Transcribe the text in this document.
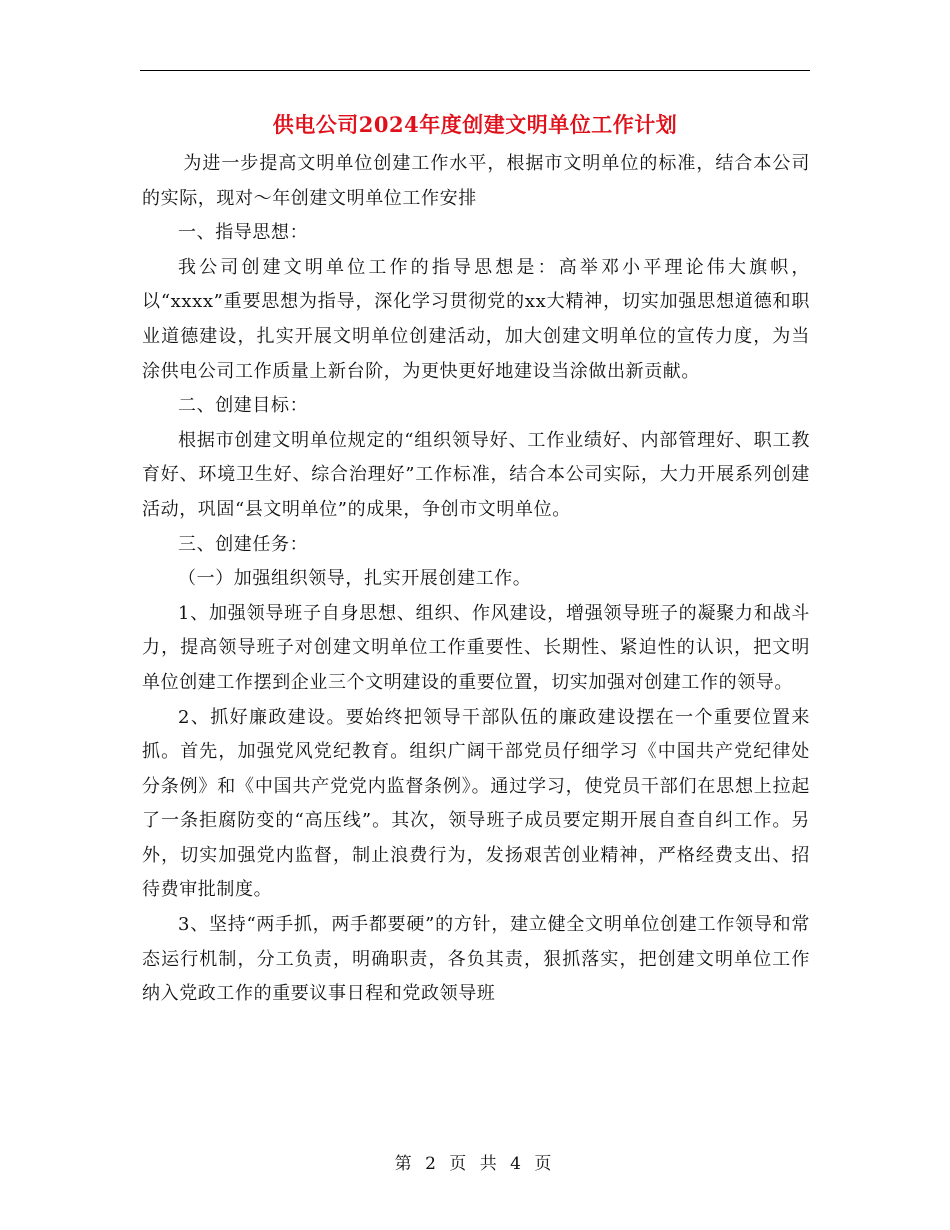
供电公司2024年度创建文明单位工作计划

为进一步提高文明单位创建工作水平，根据市文明单位的标准，结合本公司的实际，现对～年创建文明单位工作安排

一、指导思想：

我公司创建文明单位工作的指导思想是：高举邓小平理论伟大旗帜，以“xxxx”重要思想为指导，深化学习贯彻党的xx大精神，切实加强思想道德和职业道德建设，扎实开展文明单位创建活动，加大创建文明单位的宣传力度，为当涂供电公司工作质量上新台阶，为更快更好地建设当涂做出新贡献。

二、创建目标：

根据市创建文明单位规定的“组织领导好、工作业绩好、内部管理好、职工教育好、环境卫生好、综合治理好”工作标准，结合本公司实际，大力开展系列创建活动，巩固“县文明单位”的成果，争创市文明单位。

三、创建任务：

（一）加强组织领导，扎实开展创建工作。

1、加强领导班子自身思想、组织、作风建设，增强领导班子的凝聚力和战斗力，提高领导班子对创建文明单位工作重要性、长期性、紧迫性的认识，把文明单位创建工作摆到企业三个文明建设的重要位置，切实加强对创建工作的领导。

2、抓好廉政建设。要始终把领导干部队伍的廉政建设摆在一个重要位置来抓。首先，加强党风党纪教育。组织广阔干部党员仔细学习《中国共产党纪律处分条例》和《中国共产党党内监督条例》。通过学习，使党员干部们在思想上拉起了一条拒腐防变的“高压线”。其次，领导班子成员要定期开展自查自纠工作。另外，切实加强党内监督，制止浪费行为，发扬艰苦创业精神，严格经费支出、招待费审批制度。

3、坚持“两手抓，两手都要硬”的方针，建立健全文明单位创建工作领导和常态运行机制，分工负责，明确职责，各负其责，狠抓落实，把创建文明单位工作纳入党政工作的重要议事日程和党政领导班

第 2 页 共 4 页
